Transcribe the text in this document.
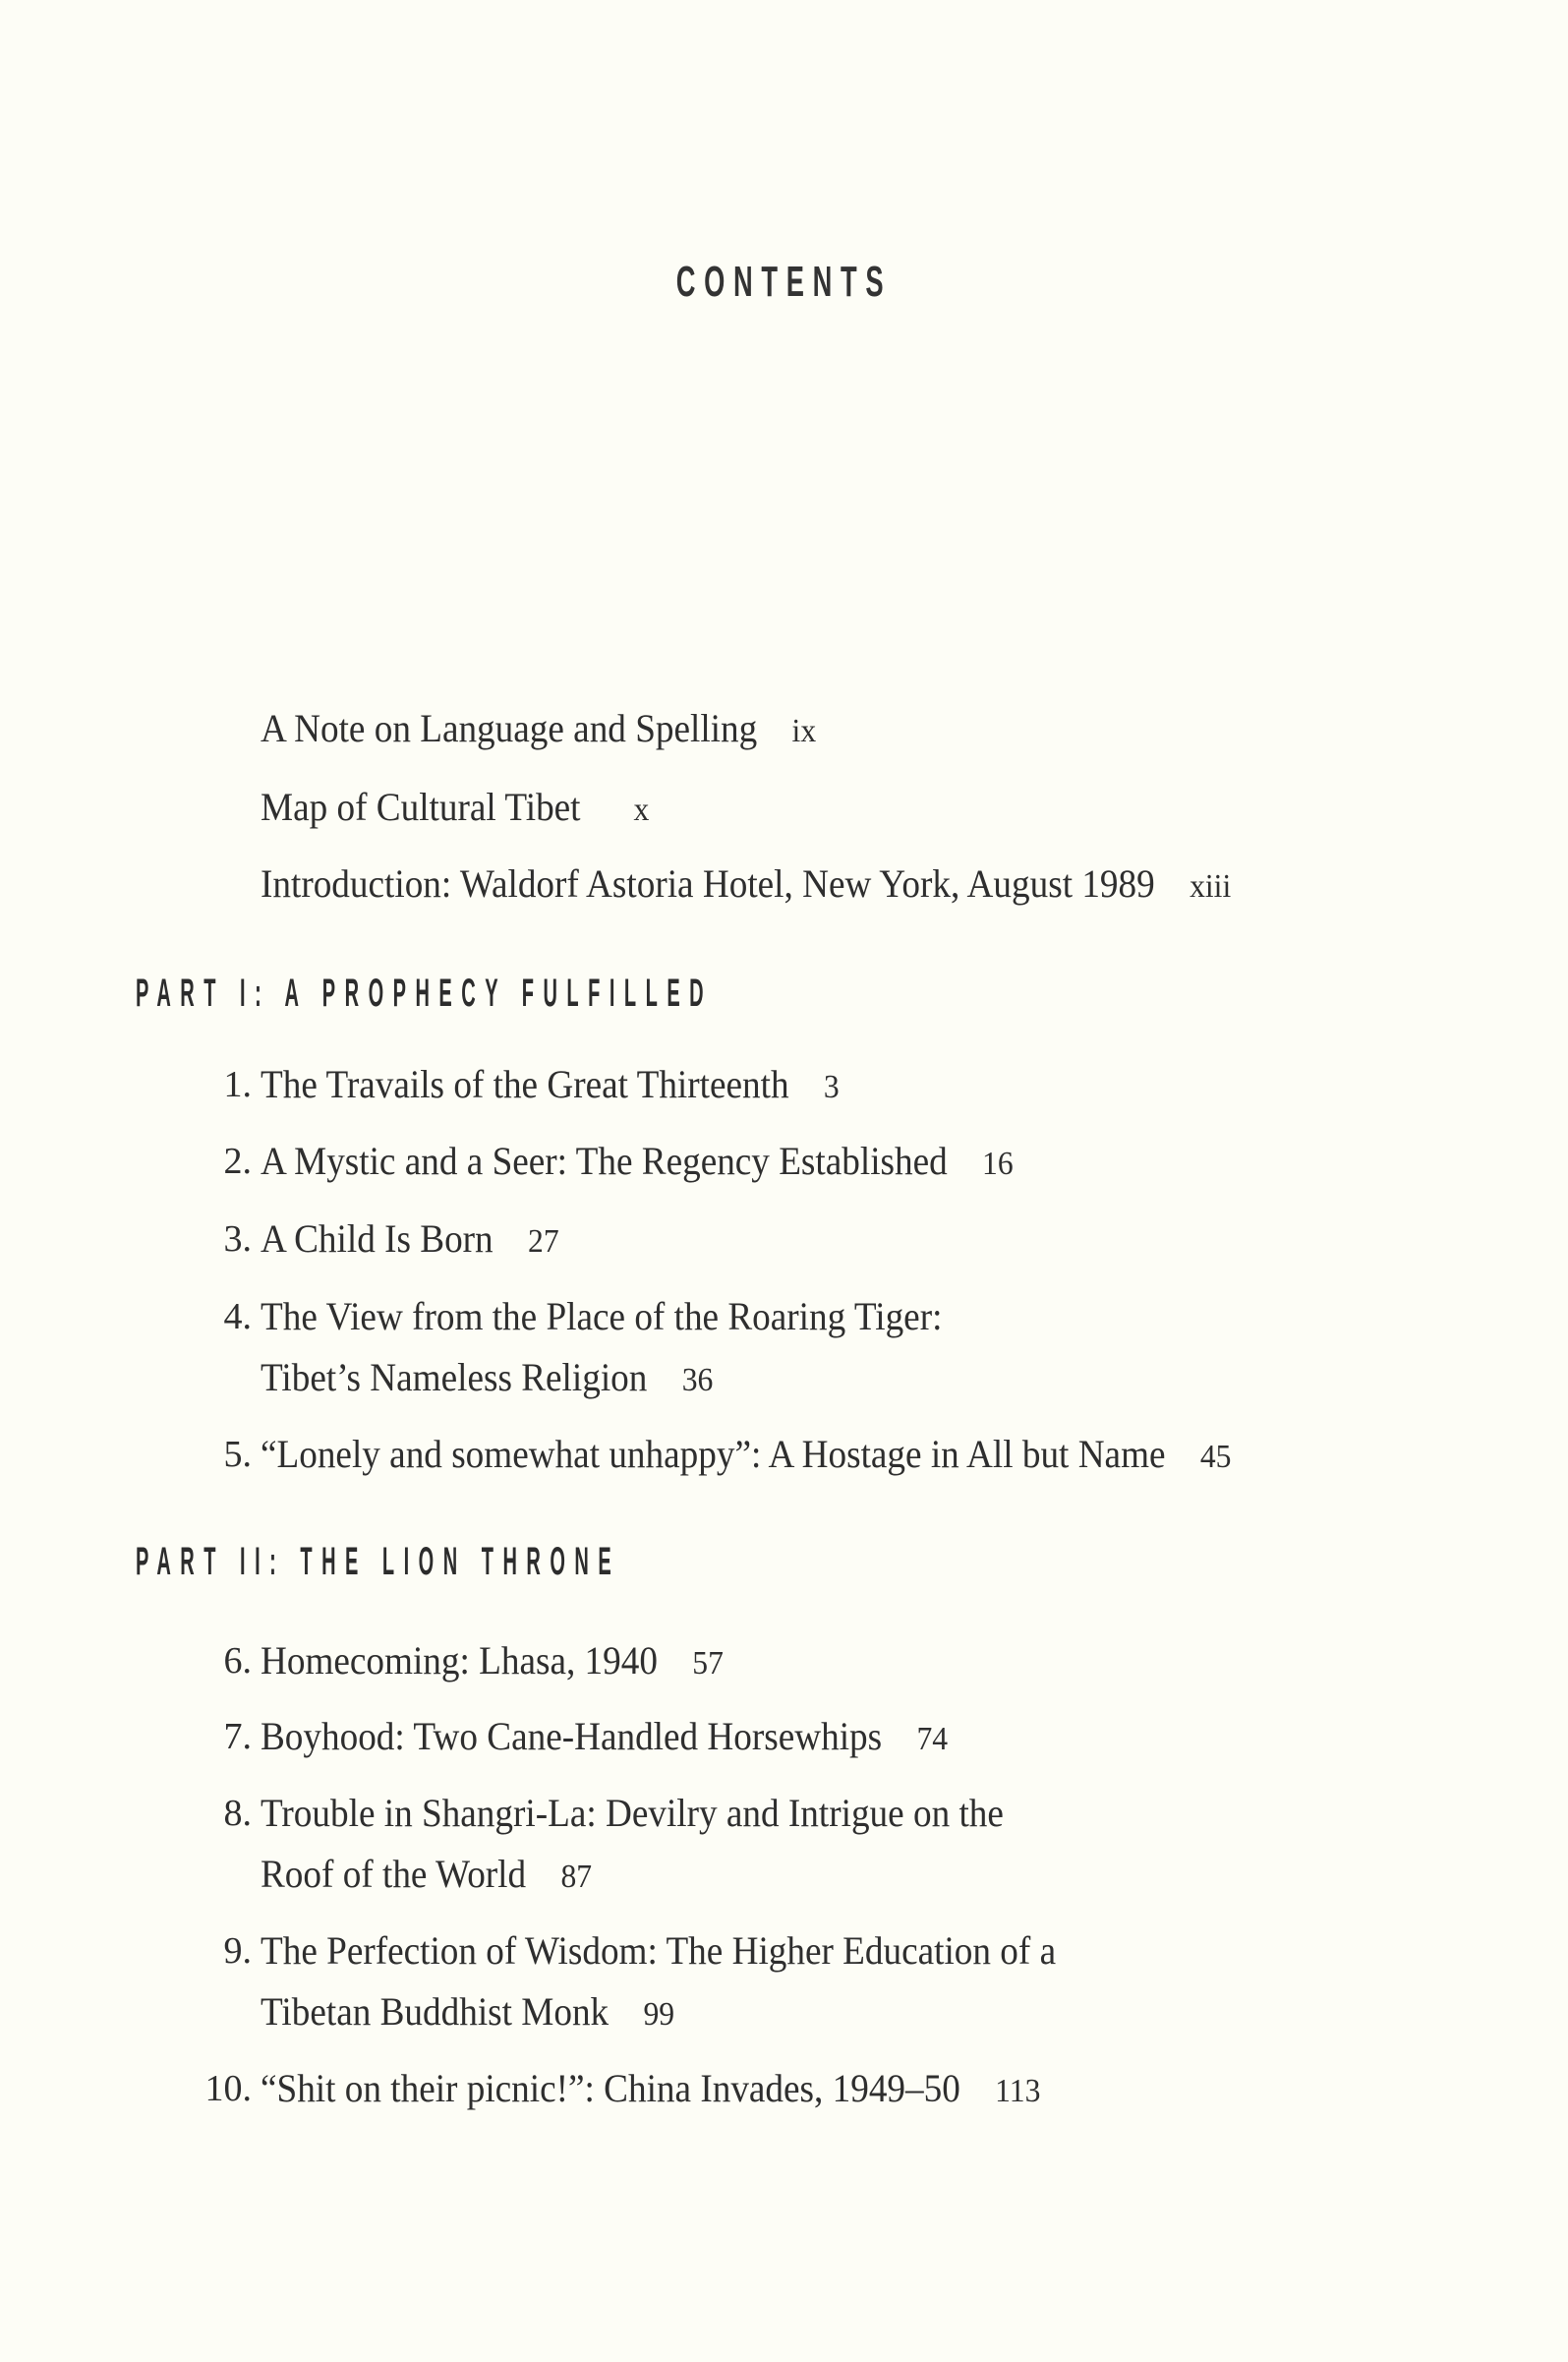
CONTENTS
A Note on Language and Spelling ix
Map of Cultural Tibet x
Introduction: Waldorf Astoria Hotel, New York, August 1989 xiii
PART I: A PROPHECY FULFILLED
1. The Travails of the Great Thirteenth 3
2. A Mystic and a Seer: The Regency Established 16
3. A Child Is Born 27
4. The View from the Place of the Roaring Tiger:
Tibet’s Nameless Religion 36
5. “Lonely and somewhat unhappy”: A Hostage in All but Name 45
PART II: THE LION THRONE
6. Homecoming: Lhasa, 1940 57
7. Boyhood: Two Cane-Handled Horsewhips 74
8. Trouble in Shangri-La: Devilry and Intrigue on the
Roof of the World 87
9. The Perfection of Wisdom: The Higher Education of a
Tibetan Buddhist Monk 99
10. “Shit on their picnic!”: China Invades, 1949–50 113
